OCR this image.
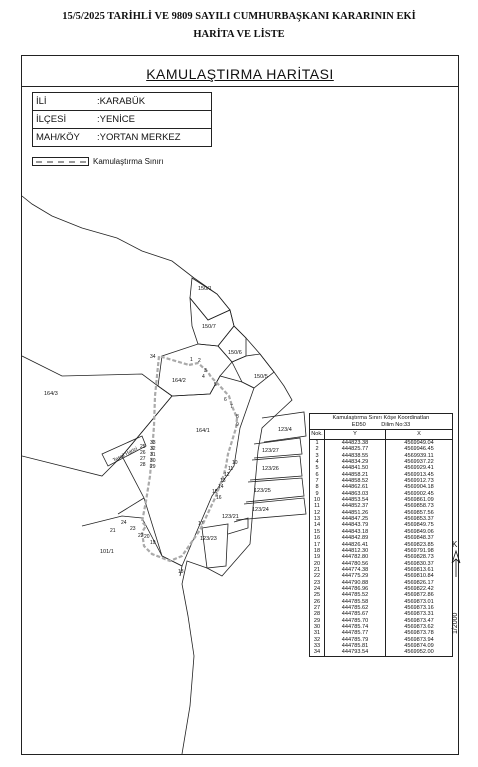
15/5/2025 TARİHLİ VE 9809 SAYILI CUMHURBAŞKANI KARARININ EKİ
HARİTA VE LİSTE
KAMULAŞTIRMA HARİTASI
İLİ	:KARABÜK
İLÇESİ	:YENİCE
MAH/KÖY :YORTAN MERKEZ
Kamulaştırma Sınırı
150/1
150/7
150/6
150/5
164/2
164/3
164/1	123/4
123/27
123/26
123/25
123/24
123/21
123/23
101/1
Tescil Harici
1 2
3
4
5
6
7
8
9
10
11
12
13
14
15
16
17
18
19
20
21
22
23
24
25
26
27
28 29
30
31
32
33
34
Kamulaştırma Sınırı Köşe Koordinatları
ED50          Dilim No:33
Nok.	Y	X
1	444823.38	4569949.04
2	444825.77	4569946.45
3	444838.55	4569939.11
4	444834.29	4569937.22
5	444841.50	4569929.41
6	444858.21	4569913.45
7	444858.52	4569912.73
8	444862.61	4569904.18
9	444863.03	4569902.45
10	444853.54	4569861.09
11	444852.37	4569858.73
12	444851.26	4569857.56
13	444847.25	4569853.37
14	444843.79	4569849.75
15	444843.18	4569849.06
16	444842.89	4569848.37
17	444826.41	4569823.85
18	444812.30	4569791.98
19	444782.80	4569828.73
20	444780.56	4569830.37
21	444774.38	4569813.61
22	444775.29	4569810.84
23	444790.88	4569826.17
24	444786.96	4569822.42
25	444785.52	4569872.86
26	444785.58	4569873.01
27	444785.62	4569873.16
28	444785.67	4569873.31
29	444785.70	4569873.47
30	444785.74	4569873.62
31	444785.77	4569873.78
32	444785.79	4569873.94
33	444785.81	4569874.09
34	444793.54	4569952.00
K
1/2000
